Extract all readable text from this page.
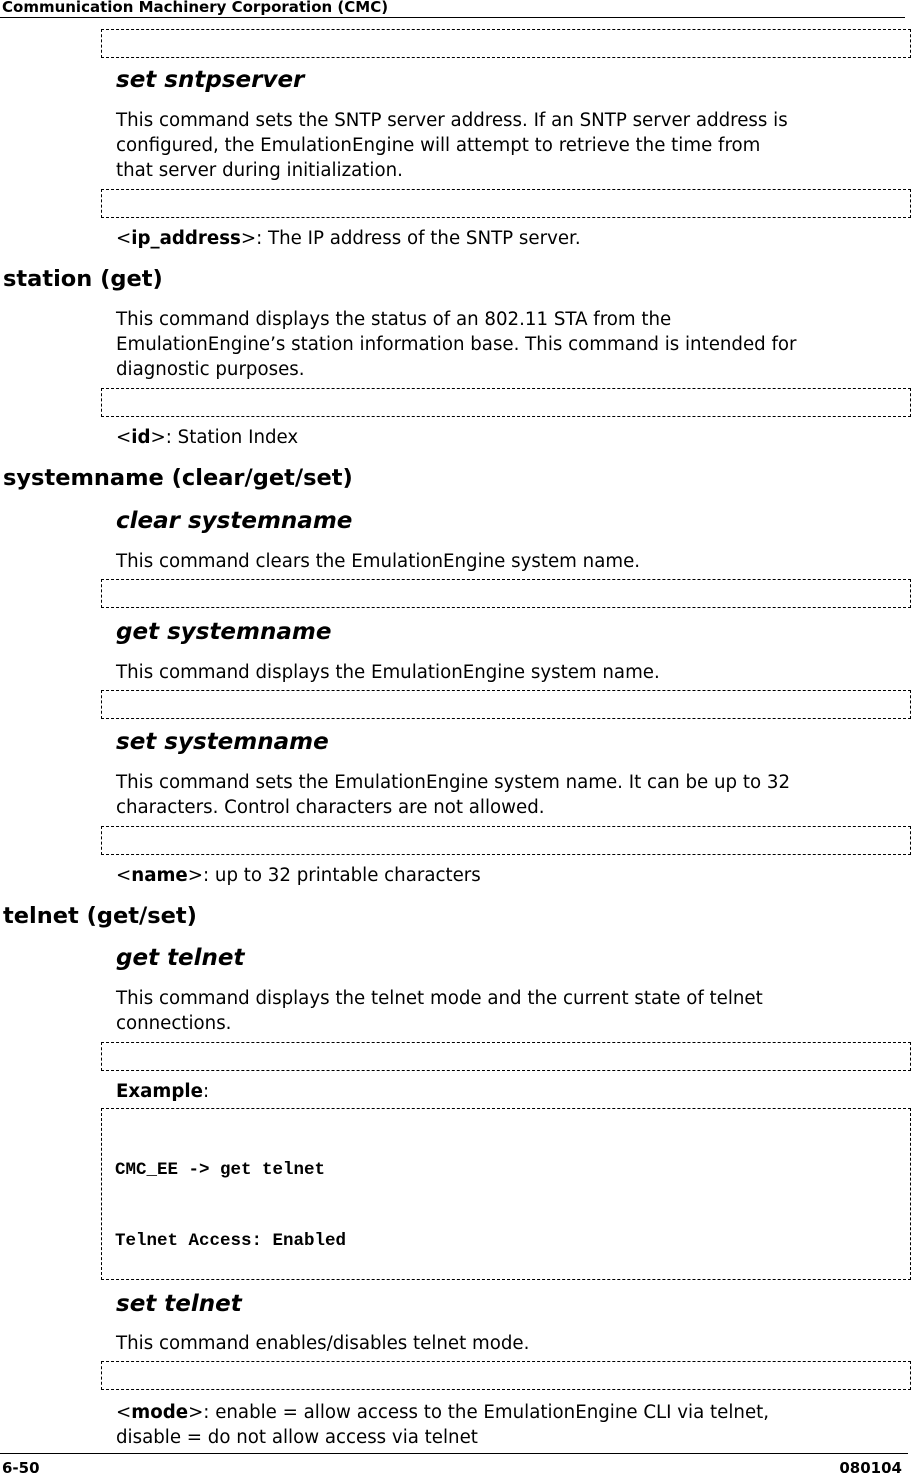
Communication Machinery Corporation (CMC)

set sntpserver
This command sets the SNTP server address. If an SNTP server address is
configured, the EmulationEngine will attempt to retrieve the time from
that server during initialization.

<ip_address>: The IP address of the SNTP server.
station (get)
This command displays the status of an 802.11 STA from the
EmulationEngine’s station information base. This command is intended for
diagnostic purposes.

<id>: Station Index
systemname (clear/get/set)
clear systemname
This command clears the EmulationEngine system name.

get systemname
This command displays the EmulationEngine system name.

set systemname
This command sets the EmulationEngine system name. It can be up to 32
characters. Control characters are not allowed.

<name>: up to 32 printable characters
telnet (get/set)
get telnet
This command displays the telnet mode and the current state of telnet
connections.

Example:

CMC_EE -> get telnet

Telnet Access: Enabled

set telnet
This command enables/disables telnet mode.

<mode>: enable = allow access to the EmulationEngine CLI via telnet,
disable = do not allow access via telnet
6-50	080104
